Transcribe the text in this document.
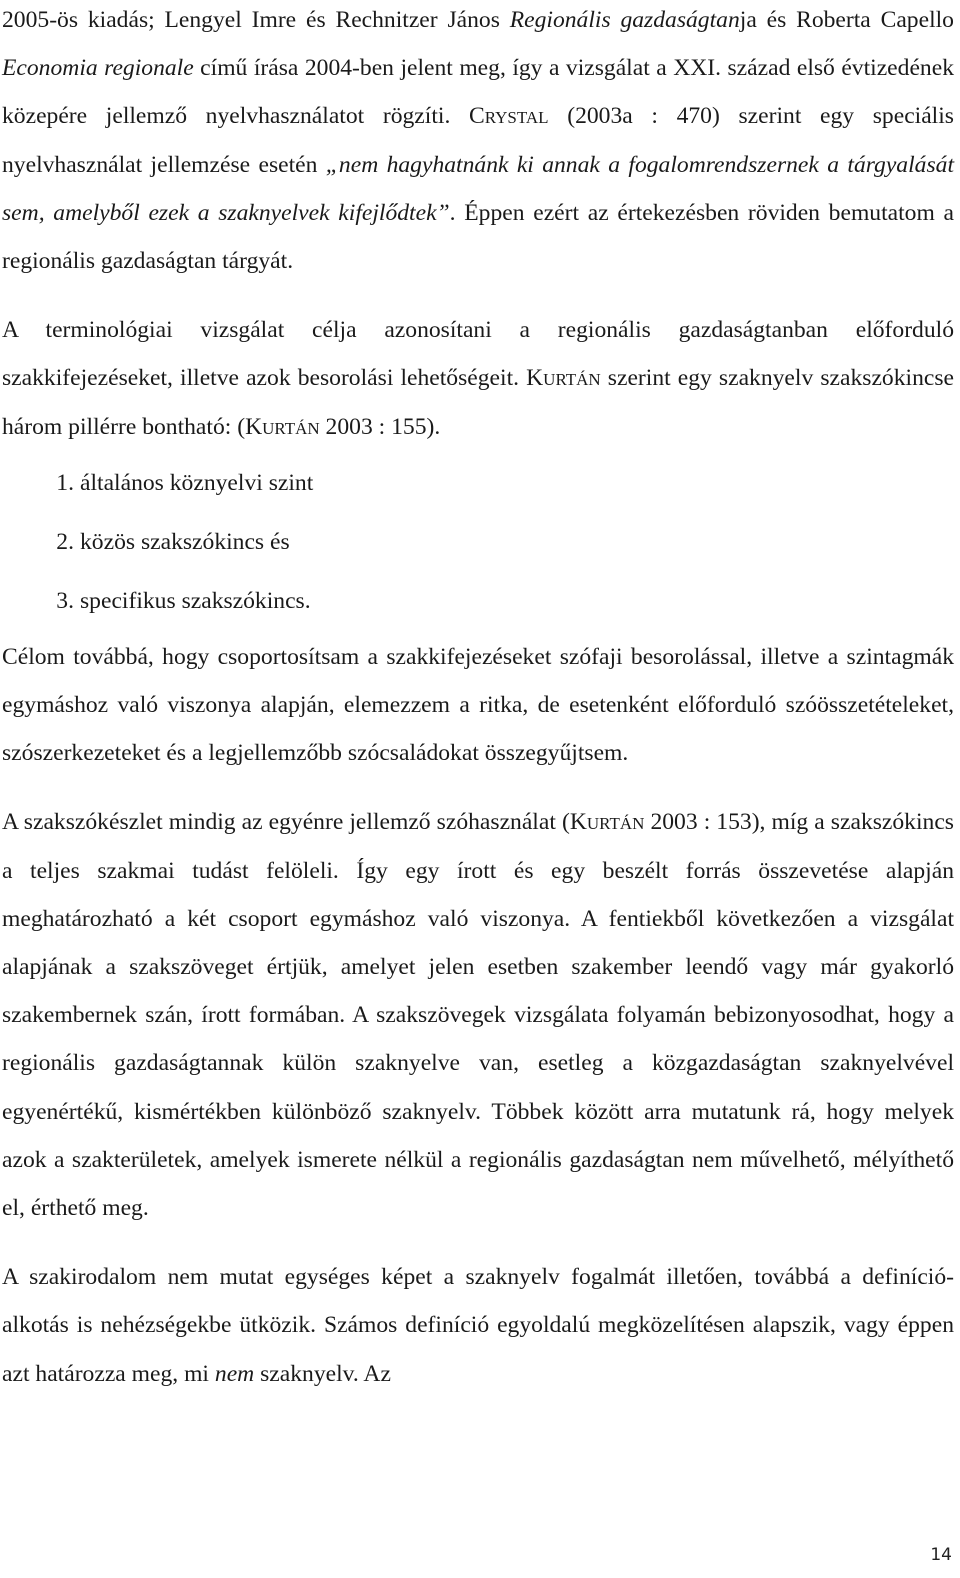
2005-ös kiadás; Lengyel Imre és Rechnitzer János Regionális gazdaságtanja és Roberta Capello Economia regionale című írása 2004-ben jelent meg, így a vizsgálat a XXI. század első évtizedének közepére jellemző nyelvhasználatot rögzíti. Crystal (2003a : 470) szerint egy speciális nyelvhasználat jellemzése esetén „nem hagyhatnánk ki annak a fogalomrendszernek a tárgyalását sem, amelyből ezek a szaknyelvek kifejlődtek”. Éppen ezért az értekezésben röviden bemutatom a regionális gazdaságtan tárgyát.

A terminológiai vizsgálat célja azonosítani a regionális gazdaságtanban előforduló szakkifejezéseket, illetve azok besorolási lehetőségeit. Kurtán szerint egy szaknyelv szakszókincse három pillérre bontható: (Kurtán 2003 : 155).

1. általános köznyelvi szint
2. közös szakszókincs és
3. specifikus szakszókincs.

Célom továbbá, hogy csoportosítsam a szakkifejezéseket szófaji besorolással, illetve a szintagmák egymáshoz való viszonya alapján, elemezzem a ritka, de esetenként előforduló szóösszetételeket, szószerkezeteket és a legjellemzőbb szócsaládokat összegyűjtsem.

A szakszókészlet mindig az egyénre jellemző szóhasználat (Kurtán 2003 : 153), míg a szakszókincs a teljes szakmai tudást felöleli. Így egy írott és egy beszélt forrás összevetése alapján meghatározható a két csoport egymáshoz való viszonya. A fentiekből következően a vizsgálat alapjának a szakszöveget értjük, amelyet jelen esetben szakember leendő vagy már gyakorló szakembernek szán, írott formában. A szakszövegek vizsgálata folyamán bebizonyosodhat, hogy a regionális gazdaságtannak külön szaknyelve van, esetleg a közgazdaságtan szaknyelvével egyenértékű, kismértékben különböző szaknyelv. Többek között arra mutatunk rá, hogy melyek azok a szakterületek, amelyek ismerete nélkül a regionális gazdaságtan nem művelhető, mélyíthető el, érthető meg.

A szakirodalom nem mutat egységes képet a szaknyelv fogalmát illetően, továbbá a definíció-alkotás is nehézségekbe ütközik. Számos definíció egyoldalú megközelítésen alapszik, vagy éppen azt határozza meg, mi nem szaknyelv. Az

14
